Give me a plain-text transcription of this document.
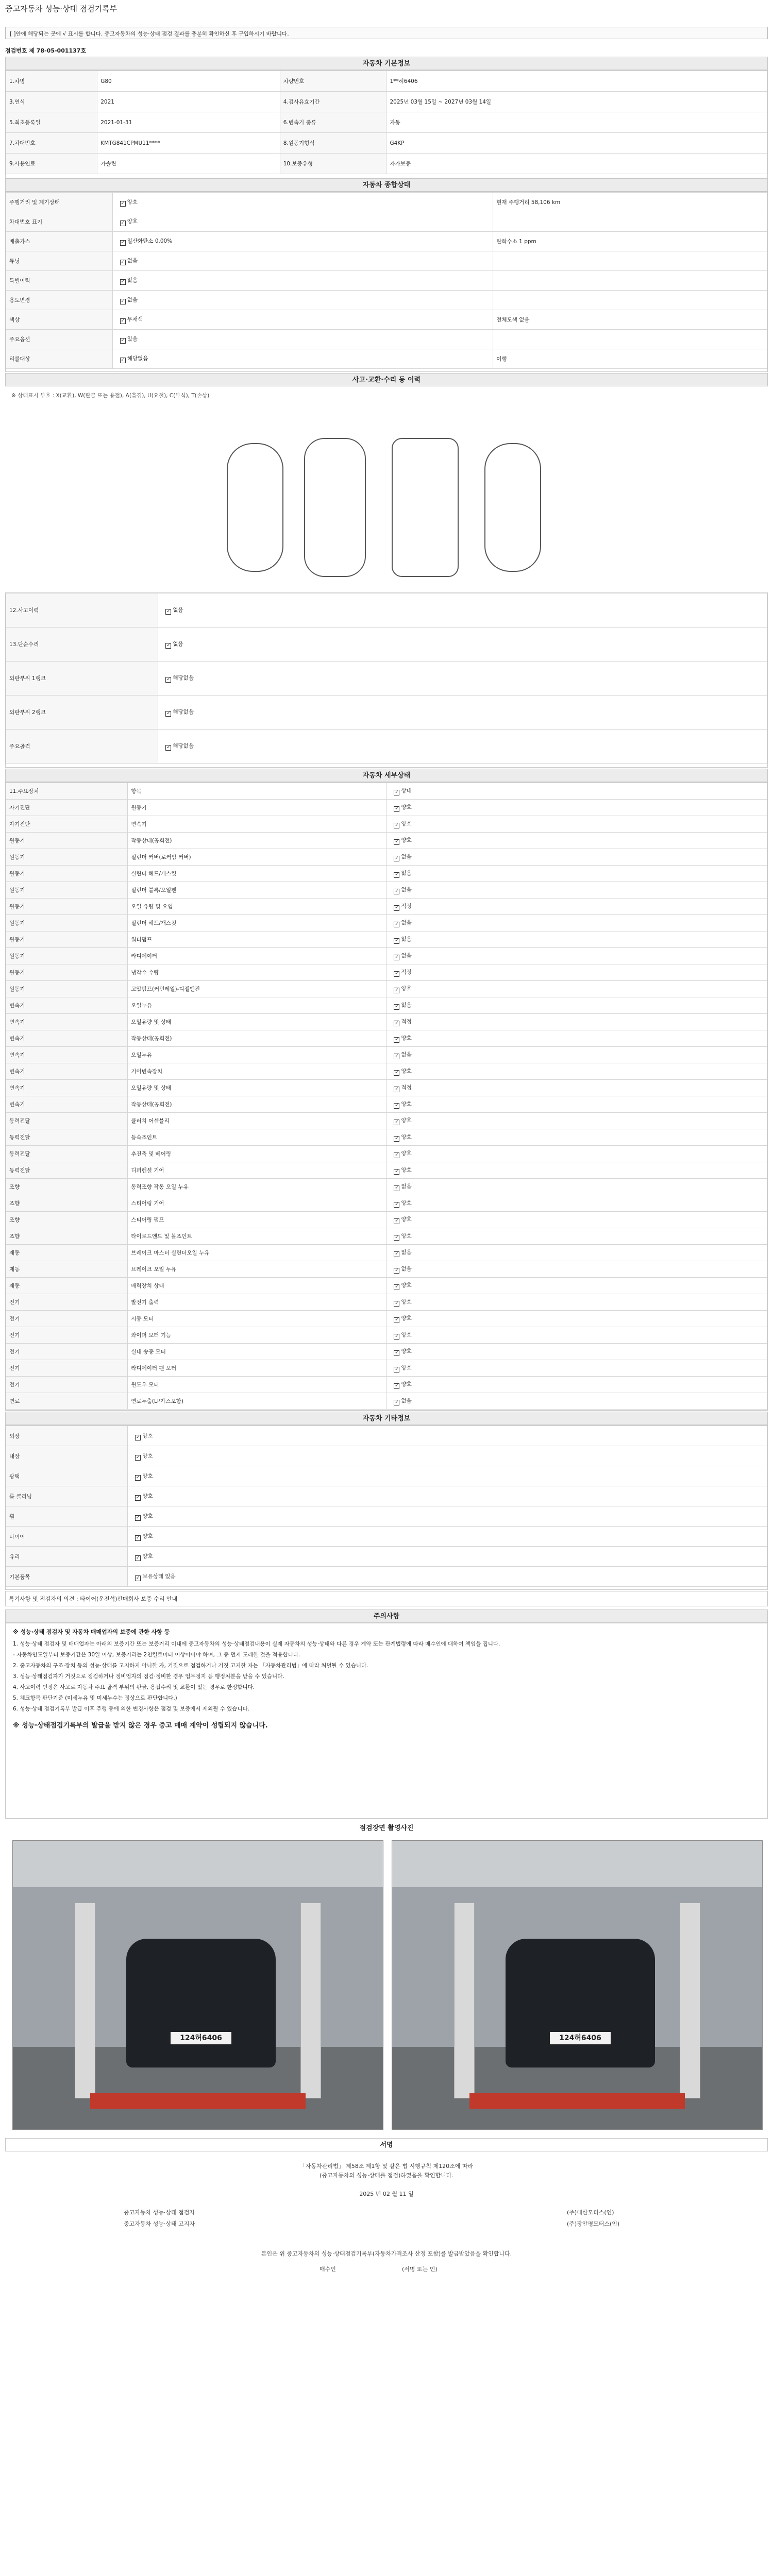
중고자동차 성능·상태 점검기록부
[ ]안에 해당되는 곳에 √ 표시를 합니다. 중고자동차의 성능·상태 점검 결과를 충분히 확인하신 후 구입하시기 바랍니다.
점검번호 제 78-05-001137호
자동차 기본정보
1.차명	G80	차량번호	1**허6406
3.연식	2021	4.검사유효기간	2025년 03월 15일 ~ 2027년 03월 14일
5.최초등록일	2021-01-31	6.변속기 종류	자동
7.차대번호	KMTG841CPMU11****	8.원동기형식	G4KP
9.사용연료	가솔린	10.보증유형	자가보증
자동차 종합상태
주행거리 및 계기상태	✓양호	현재 주행거리 58,106 km
차대번호 표기	✓양호	
배출가스	✓일산화탄소 0.00%	탄화수소 1 ppm
튜닝	✓없음	
특별이력	✓없음	
용도변경	✓없음	
색상	✓무채색	전체도색 없음
주요옵션	✓있음	
리콜대상	✓해당없음	이행
사고·교환·수리 등 이력
※ 상태표시 부호 : X(교환), W(판금 또는 용접), A(흠집), U(요철), C(부식), T(손상)
12.사고이력	✓없음
13.단순수리	✓없음
외판부위 1랭크	✓해당없음
외판부위 2랭크	✓해당없음
주요골격	✓해당없음
자동차 세부상태
11.주요장치	항목	✓상태
자기진단	원동기	✓양호
자기진단	변속기	✓양호
원동기	작동상태(공회전)	✓양호
원동기	실린더 커버(로커암 커버)	✓없음
원동기	실린더 헤드/개스킷	✓없음
원동기	실린더 블록/오일팬	✓없음
원동기	오일 유량 및 오염	✓적정
원동기	실린더 헤드/개스킷	✓없음
원동기	워터펌프	✓없음
원동기	라디에이터	✓없음
원동기	냉각수 수량	✓적정
원동기	고압펌프(커먼레일)-디젤엔진	✓양호
변속기	오일누유	✓없음
변속기	오일유량 및 상태	✓적정
변속기	작동상태(공회전)	✓양호
변속기	오일누유	✓없음
변속기	기어변속장치	✓양호
변속기	오일유량 및 상태	✓적정
변속기	작동상태(공회전)	✓양호
동력전달	클러치 어셈블리	✓양호
동력전달	등속조인트	✓양호
동력전달	추진축 및 베어링	✓양호
동력전달	디퍼렌셜 기어	✓양호
조향	동력조향 작동 오일 누유	✓없음
조향	스티어링 기어	✓양호
조향	스티어링 펌프	✓양호
조향	타이로드엔드 및 볼조인트	✓양호
제동	브레이크 마스터 실린더오일 누유	✓없음
제동	브레이크 오일 누유	✓없음
제동	배력장치 상태	✓양호
전기	발전기 출력	✓양호
전기	시동 모터	✓양호
전기	와이퍼 모터 기능	✓양호
전기	실내 송풍 모터	✓양호
전기	라디에이터 팬 모터	✓양호
전기	윈도우 모터	✓양호
연료	연료누출(LP가스포함)	✓없음
자동차 기타정보
외장	✓양호
내장	✓양호
광택	✓양호
룸 클리닝	✓양호
휠	✓양호
타이어	✓양호
유리	✓양호
기본품목	✓보유상태 있음
특기사항 및 점검자의 의견 : 타이어(운전석)판매회사 보증 수리 안내
주의사항
※ 성능·상태 점검자 및 자동차 매매업자의 보증에 관한 사항 등
1. 성능·상태 점검자 및 매매업자는 아래의 보증기간 또는 보증거리 이내에 중고자동차의 성능·상태점검내용이 실제 자동차의 성능·상태와 다른 경우 계약 또는 관계법령에 따라 매수인에 대하여 책임을 집니다.
- 자동차인도일부터 보증기간은 30일 이상, 보증거리는 2천킬로미터 이상이어야 하며, 그 중 먼저 도래한 것을 적용합니다.
2. 중고자동차의 구조·장치 등의 성능·상태를 고지하지 아니한 자, 거짓으로 점검하거나 거짓 고지한 자는 「자동차관리법」에 따라 처벌될 수 있습니다.
3. 성능·상태점검자가 거짓으로 점검하거나 정비업자의 점검·정비한 경우 업무정지 등 행정처분을 받을 수 있습니다.
4. 사고이력 인정은 사고로 자동차 주요 골격 부위의 판금, 용접수리 및 교환이 있는 경우로 한정합니다.
5. 체크항목 판단기준 (미세누유 및 미세누수는 정상으로 판단합니다.)
6. 성능·상태 점검기록부 발급 이후 주행 등에 의한 변경사항은 점검 및 보증에서 제외될 수 있습니다.
※ 성능·상태점검기록부의 발급을 받지 않은 경우 중고 매매 계약이 성립되지 않습니다.
점검장면 촬영사진
124허6406	124허6406
서명
「자동차관리법」 제58조 제1항 및 같은 법 시행규칙 제120조에 따라
(중고자동차의 성능·상태를 점검)하였음을 확인합니다.
2025 년 02 월 11 일
중고자동차 성능·상태 점검자	(주)대한모터스(인)
중고자동차 성능·상태 고지자	(주)장안평모터스(인)
본인은 위 중고자동차의 성능·상태점검기록부(자동차가격조사 산정 포함)를 발급받았음을 확인합니다.
매수인	(서명 또는 인)
